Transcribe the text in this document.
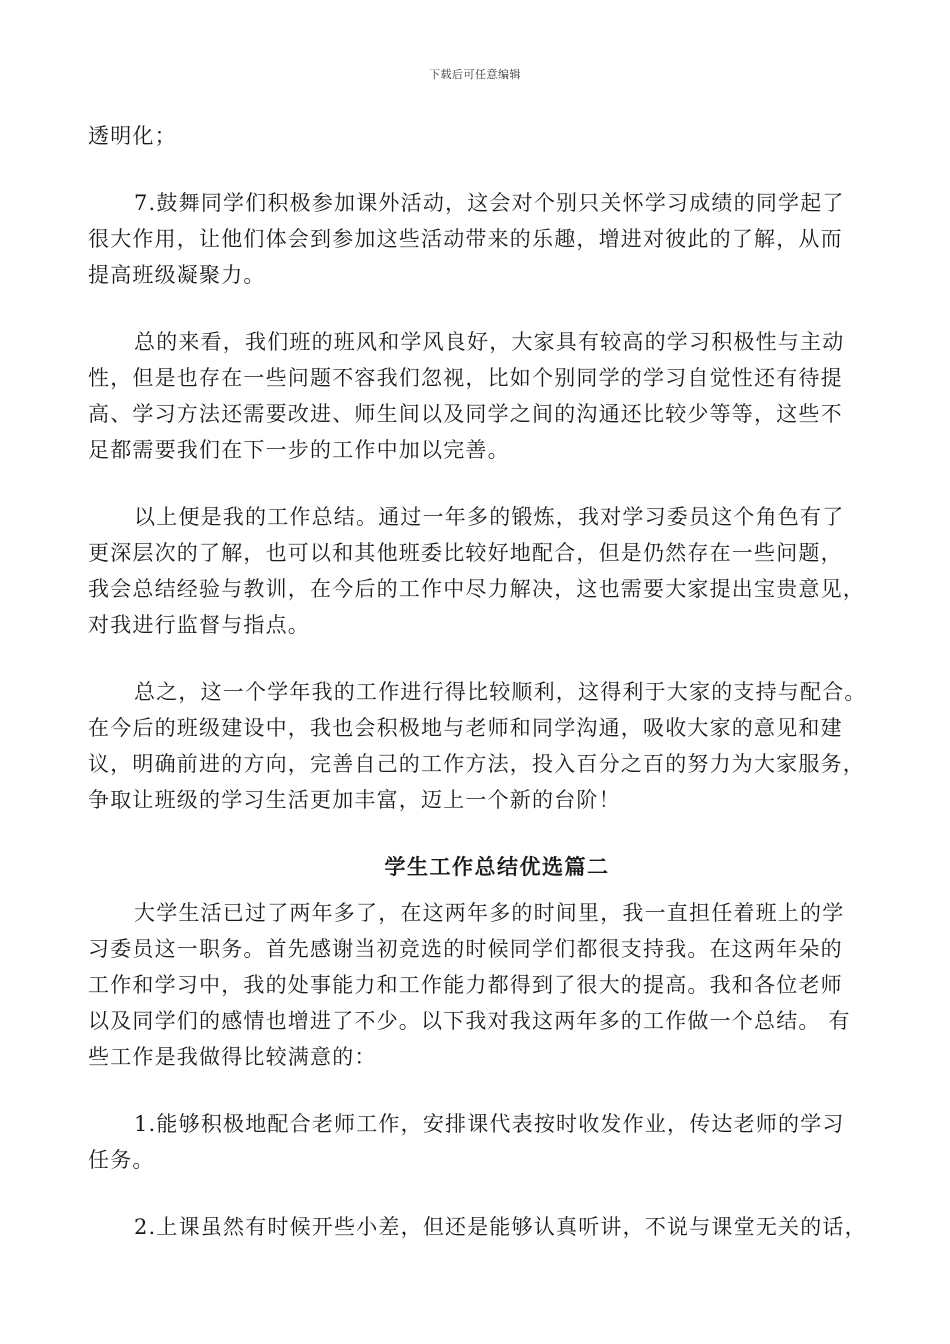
下载后可任意编辑
透明化；
7.鼓舞同学们积极参加课外活动，这会对个别只关怀学习成绩的同学起了
很大作用，让他们体会到参加这些活动带来的乐趣，增进对彼此的了解，从而
提高班级凝聚力。
总的来看，我们班的班风和学风良好，大家具有较高的学习积极性与主动
性，但是也存在一些问题不容我们忽视，比如个别同学的学习自觉性还有待提
高、学习方法还需要改进、师生间以及同学之间的沟通还比较少等等，这些不
足都需要我们在下一步的工作中加以完善。
以上便是我的工作总结。通过一年多的锻炼，我对学习委员这个角色有了
更深层次的了解，也可以和其他班委比较好地配合，但是仍然存在一些问题，
我会总结经验与教训，在今后的工作中尽力解决，这也需要大家提出宝贵意见，
对我进行监督与指点。
总之，这一个学年我的工作进行得比较顺利，这得利于大家的支持与配合。
在今后的班级建设中，我也会积极地与老师和同学沟通，吸收大家的意见和建
议，明确前进的方向，完善自己的工作方法，投入百分之百的努力为大家服务，
争取让班级的学习生活更加丰富，迈上一个新的台阶！
学生工作总结优选篇二
大学生活已过了两年多了，在这两年多的时间里，我一直担任着班上的学
习委员这一职务。首先感谢当初竞选的时候同学们都很支持我。在这两年朵的
工作和学习中，我的处事能力和工作能力都得到了很大的提高。我和各位老师
以及同学们的感情也增进了不少。以下我对我这两年多的工作做一个总结。 有
些工作是我做得比较满意的：
1.能够积极地配合老师工作，安排课代表按时收发作业，传达老师的学习
任务。
2.上课虽然有时候开些小差，但还是能够认真听讲，不说与课堂无关的话，
